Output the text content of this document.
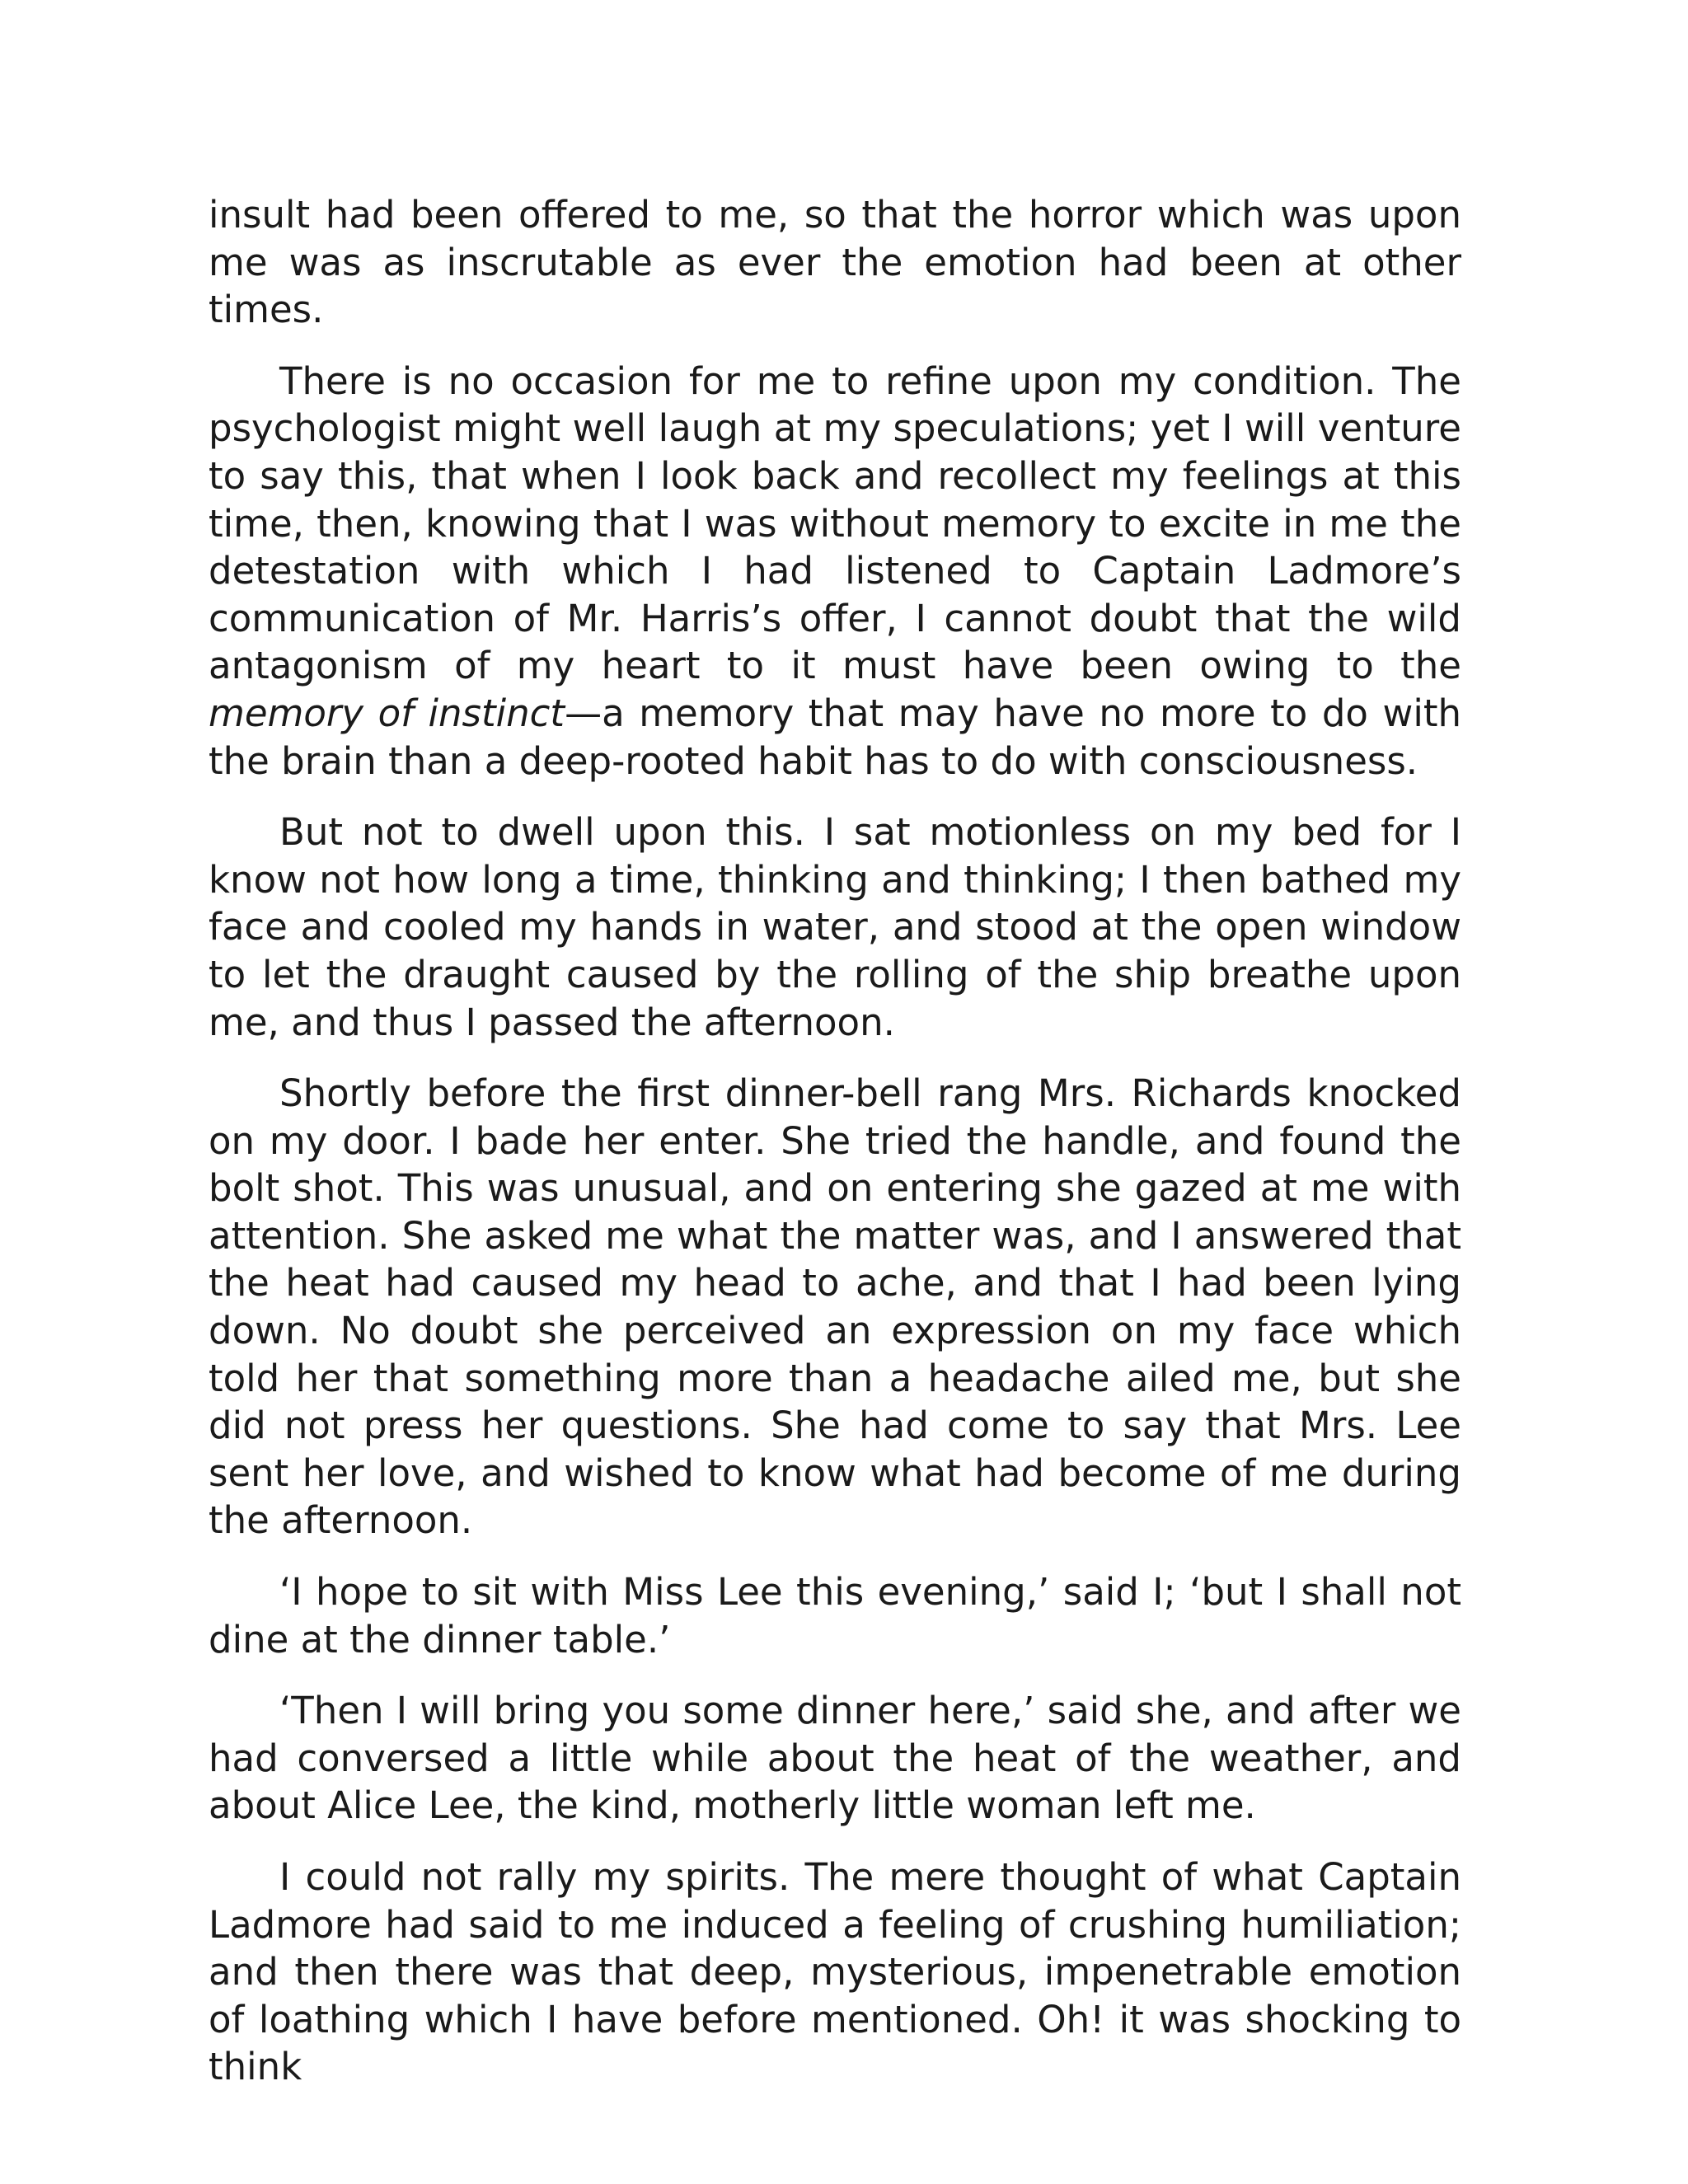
insult had been offered to me, so that the horror which was upon me was as inscrutable as ever the emotion had been at other times.

There is no occasion for me to refine upon my condition. The psychologist might well laugh at my speculations; yet I will venture to say this, that when I look back and recollect my feelings at this time, then, knowing that I was without memory to excite in me the detestation with which I had listened to Captain Ladmore’s communication of Mr. Harris’s offer, I cannot doubt that the wild antagonism of my heart to it must have been owing to the memory of instinct—a memory that may have no more to do with the brain than a deep-rooted habit has to do with consciousness.

But not to dwell upon this. I sat motionless on my bed for I know not how long a time, thinking and thinking; I then bathed my face and cooled my hands in water, and stood at the open window to let the draught caused by the rolling of the ship breathe upon me, and thus I passed the afternoon.

Shortly before the first dinner-bell rang Mrs. Richards knocked on my door. I bade her enter. She tried the handle, and found the bolt shot. This was unusual, and on entering she gazed at me with attention. She asked me what the matter was, and I answered that the heat had caused my head to ache, and that I had been lying down. No doubt she perceived an expression on my face which told her that something more than a headache ailed me, but she did not press her questions. She had come to say that Mrs. Lee sent her love, and wished to know what had become of me during the afternoon.

‘I hope to sit with Miss Lee this evening,’ said I; ‘but I shall not dine at the dinner table.’

‘Then I will bring you some dinner here,’ said she, and after we had conversed a little while about the heat of the weather, and about Alice Lee, the kind, motherly little woman left me.

I could not rally my spirits. The mere thought of what Captain Ladmore had said to me induced a feeling of crushing humiliation; and then there was that deep, mysterious, impenetrable emotion of loathing which I have before mentioned. Oh! it was shocking to think
